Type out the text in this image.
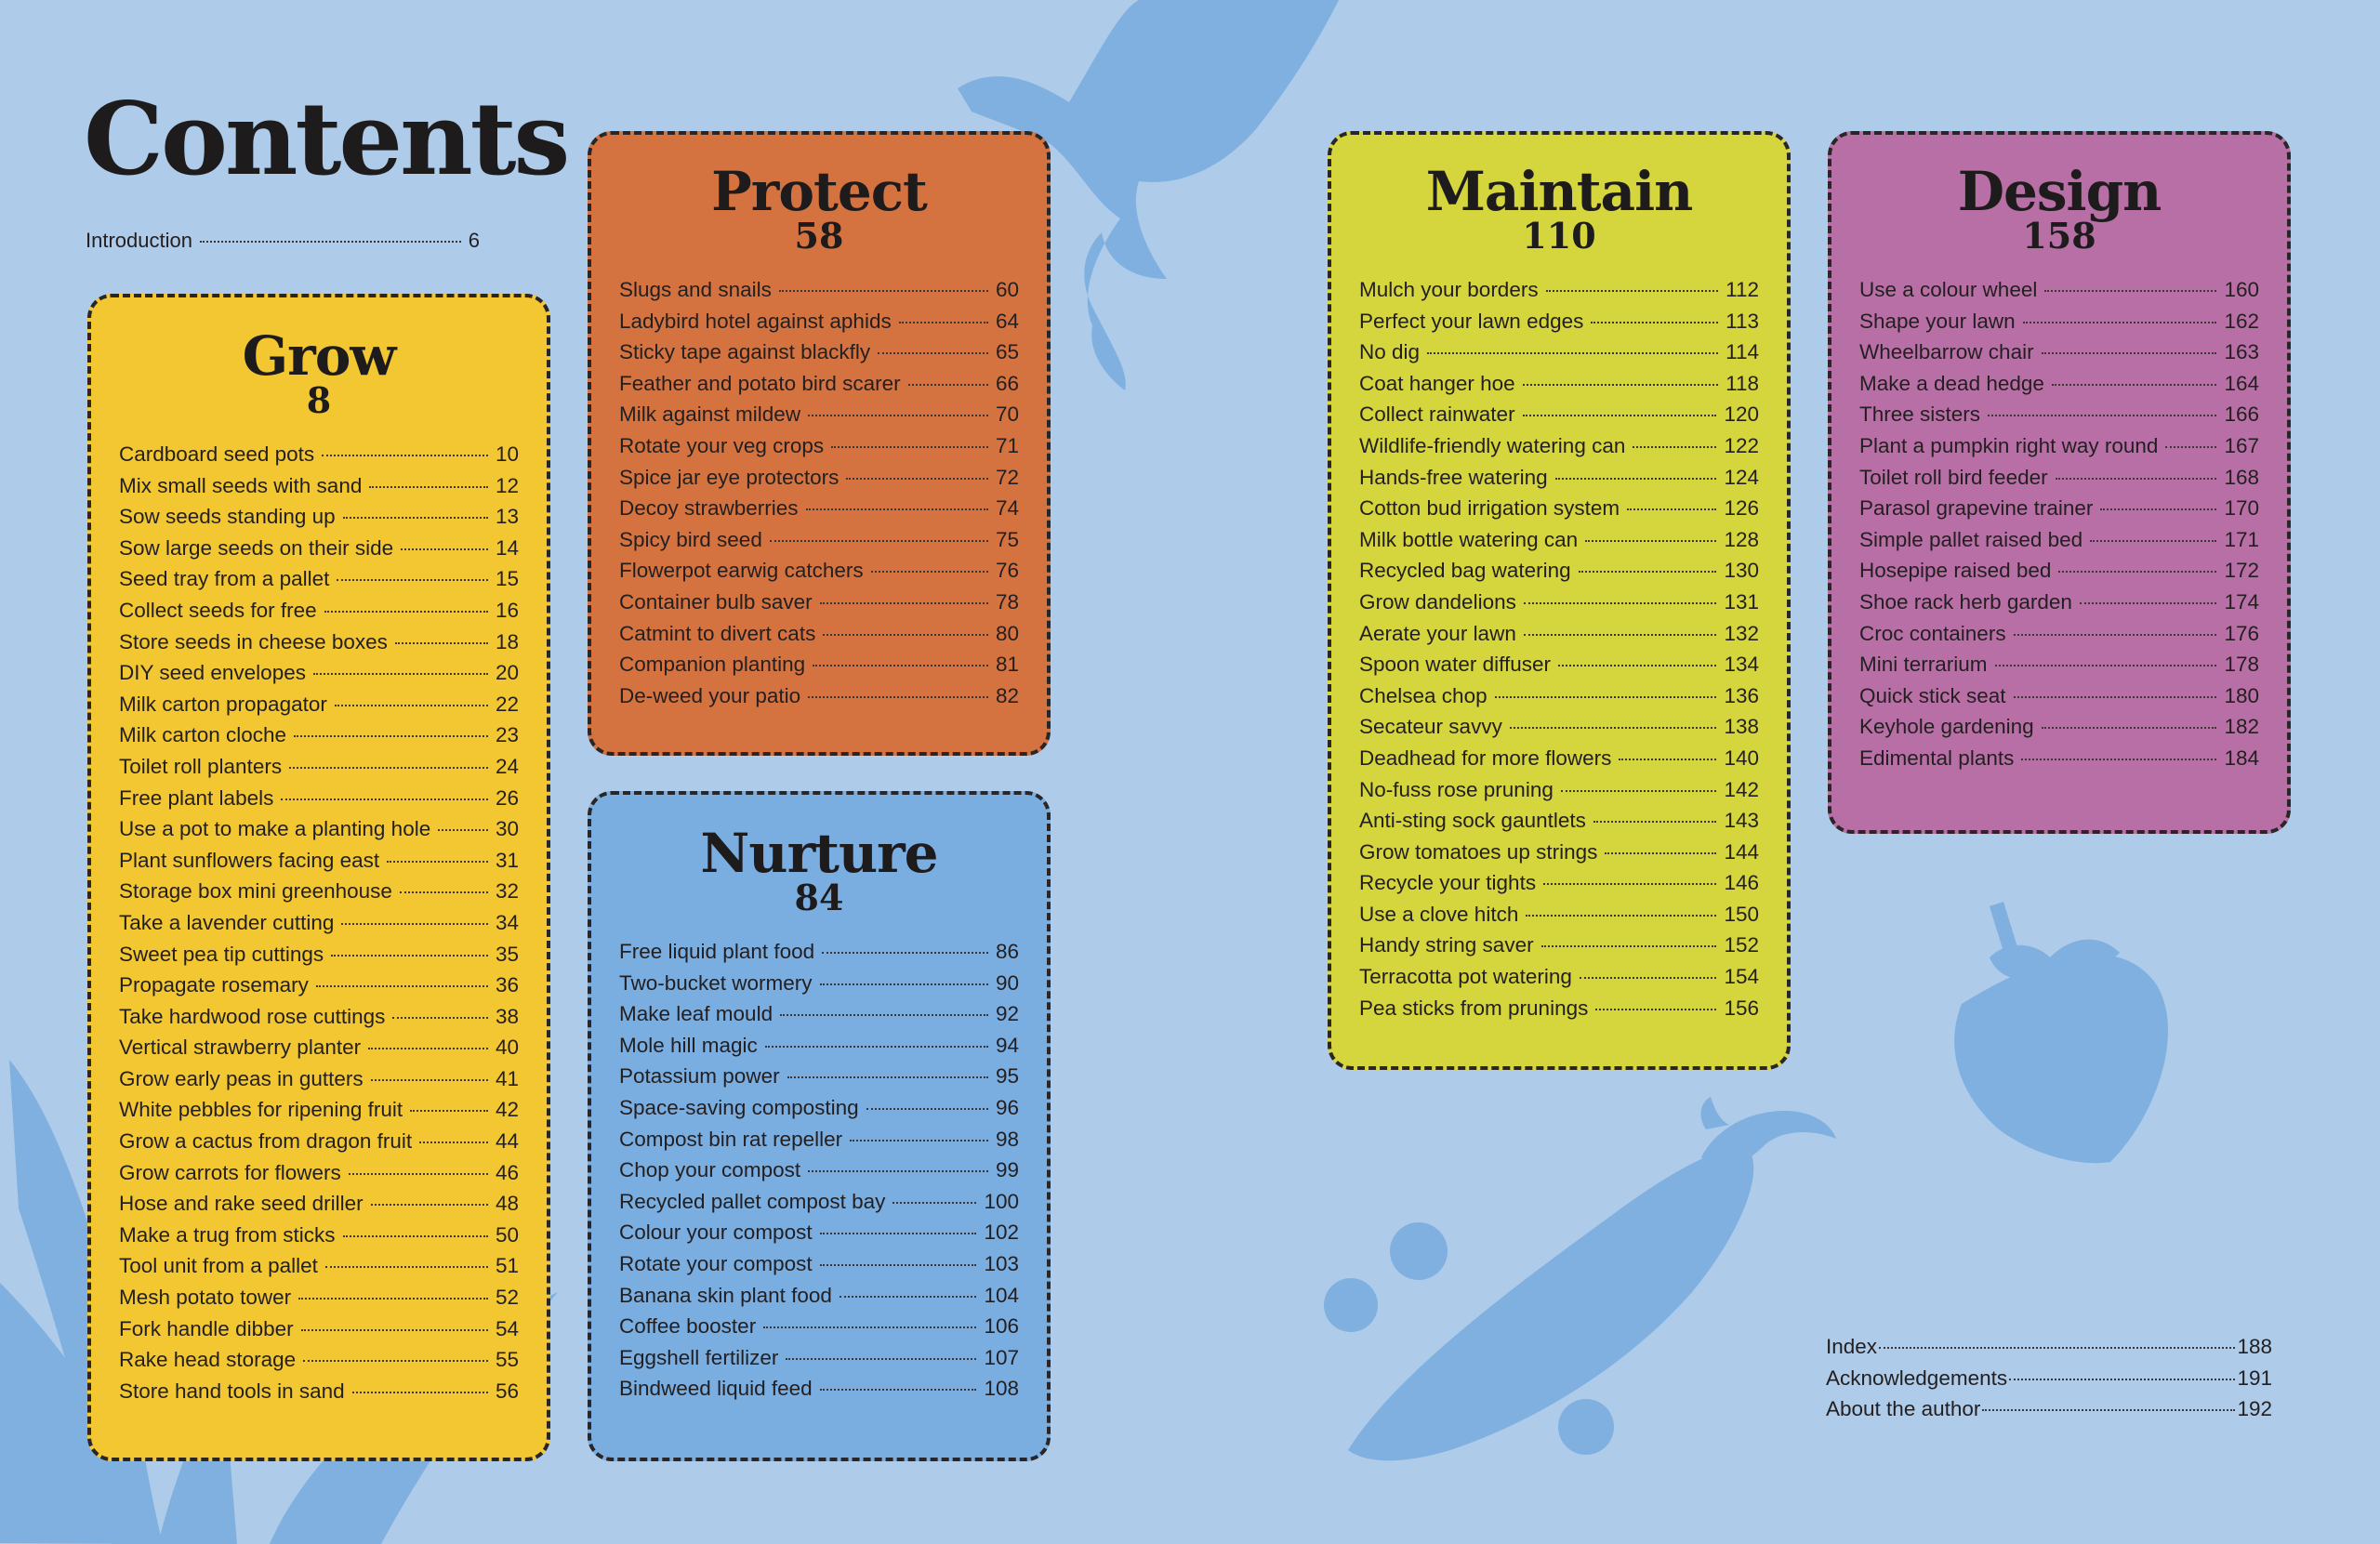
Contents
Introduction	6
Grow
8
Cardboard seed pots	10
Mix small seeds with sand	12
Sow seeds standing up	13
Sow large seeds on their side	14
Seed tray from a pallet	15
Collect seeds for free	16
Store seeds in cheese boxes	18
DIY seed envelopes	20
Milk carton propagator	22
Milk carton cloche	23
Toilet roll planters	24
Free plant labels	26
Use a pot to make a planting hole	30
Plant sunflowers facing east	31
Storage box mini greenhouse	32
Take a lavender cutting	34
Sweet pea tip cuttings	35
Propagate rosemary	36
Take hardwood rose cuttings	38
Vertical strawberry planter	40
Grow early peas in gutters	41
White pebbles for ripening fruit	42
Grow a cactus from dragon fruit	44
Grow carrots for flowers	46
Hose and rake seed driller	48
Make a trug from sticks	50
Tool unit from a pallet	51
Mesh potato tower	52
Fork handle dibber	54
Rake head storage	55
Store hand tools in sand	56
Protect
58
Slugs and snails	60
Ladybird hotel against aphids	64
Sticky tape against blackfly	65
Feather and potato bird scarer	66
Milk against mildew	70
Rotate your veg crops	71
Spice jar eye protectors	72
Decoy strawberries	74
Spicy bird seed	75
Flowerpot earwig catchers	76
Container bulb saver	78
Catmint to divert cats	80
Companion planting	81
De-weed your patio	82
Nurture
84
Free liquid plant food	86
Two-bucket wormery	90
Make leaf mould	92
Mole hill magic	94
Potassium power	95
Space-saving composting	96
Compost bin rat repeller	98
Chop your compost	99
Recycled pallet compost bay	100
Colour your compost	102
Rotate your compost	103
Banana skin plant food	104
Coffee booster	106
Eggshell fertilizer	107
Bindweed liquid feed	108
Maintain
110
Mulch your borders	112
Perfect your lawn edges	113
No dig	114
Coat hanger hoe	118
Collect rainwater	120
Wildlife-friendly watering can	122
Hands-free watering	124
Cotton bud irrigation system	126
Milk bottle watering can	128
Recycled bag watering	130
Grow dandelions	131
Aerate your lawn	132
Spoon water diffuser	134
Chelsea chop	136
Secateur savvy	138
Deadhead for more flowers	140
No-fuss rose pruning	142
Anti-sting sock gauntlets	143
Grow tomatoes up strings	144
Recycle your tights	146
Use a clove hitch	150
Handy string saver	152
Terracotta pot watering	154
Pea sticks from prunings	156
Design
158
Use a colour wheel	160
Shape your lawn	162
Wheelbarrow chair	163
Make a dead hedge	164
Three sisters	166
Plant a pumpkin right way round	167
Toilet roll bird feeder	168
Parasol grapevine trainer	170
Simple pallet raised bed	171
Hosepipe raised bed	172
Shoe rack herb garden	174
Croc containers	176
Mini terrarium	178
Quick stick seat	180
Keyhole gardening	182
Edimental plants	184
Index	188
Acknowledgements	191
About the author	192
